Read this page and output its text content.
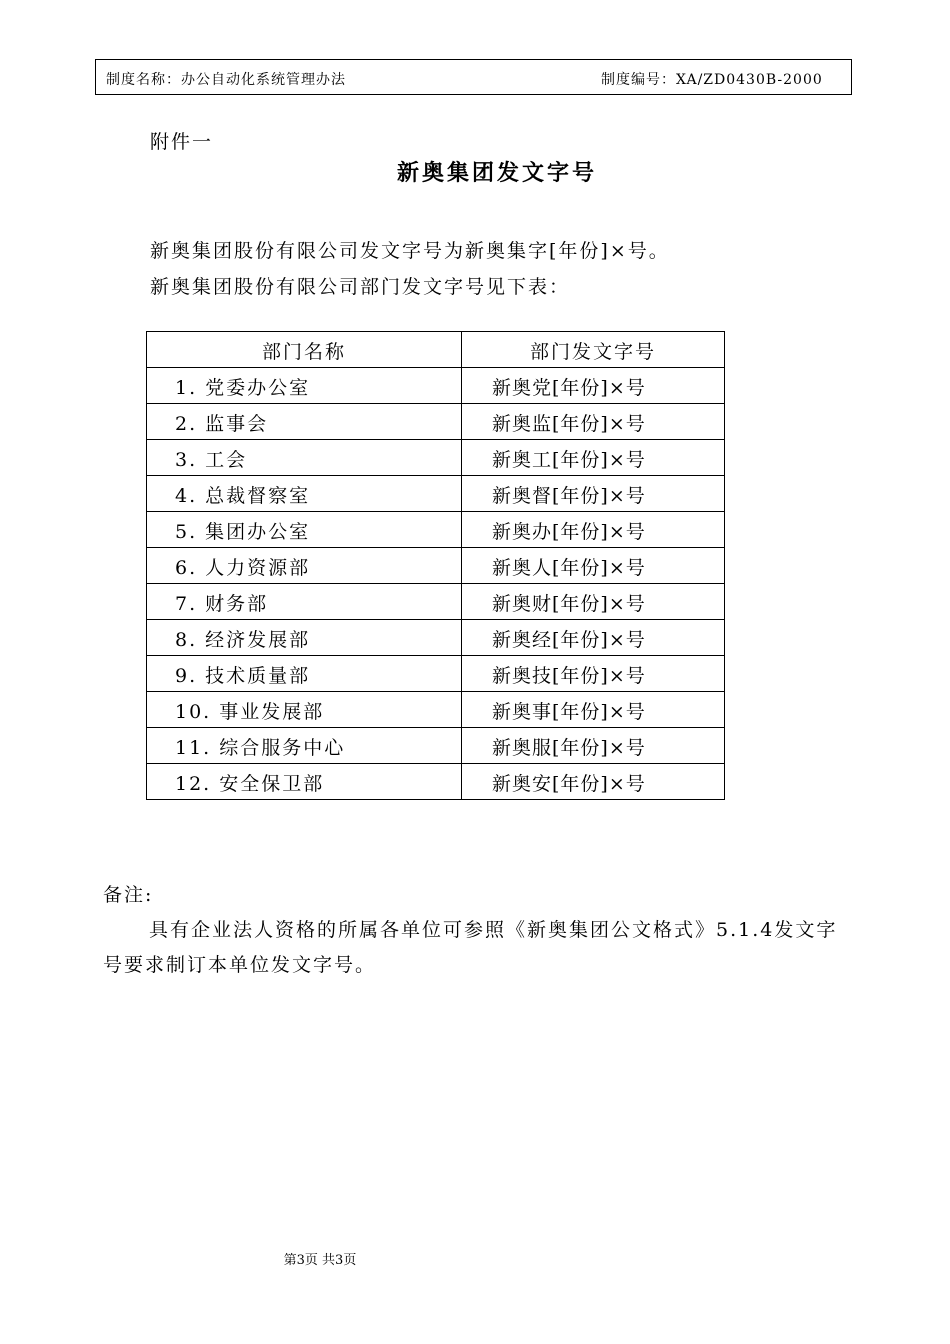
制度名称：办公自动化系统管理办法	制度编号：XA/ZD0430B-2000
附件一
新奥集团发文字号
新奥集团股份有限公司发文字号为新奥集字[年份]×号。
新奥集团股份有限公司部门发文字号见下表：
部门名称	部门发文字号
1. 党委办公室	新奥党[年份]×号
2. 监事会	新奥监[年份]×号
3. 工会	新奥工[年份]×号
4. 总裁督察室	新奥督[年份]×号
5. 集团办公室	新奥办[年份]×号
6. 人力资源部	新奥人[年份]×号
7. 财务部	新奥财[年份]×号
8. 经济发展部	新奥经[年份]×号
9. 技术质量部	新奥技[年份]×号
10. 事业发展部	新奥事[年份]×号
11. 综合服务中心	新奥服[年份]×号
12. 安全保卫部	新奥安[年份]×号
备注:
具有企业法人资格的所属各单位可参照《新奥集团公文格式》5.1.4发文字号要求制订本单位发文字号。
第3页 共3页
